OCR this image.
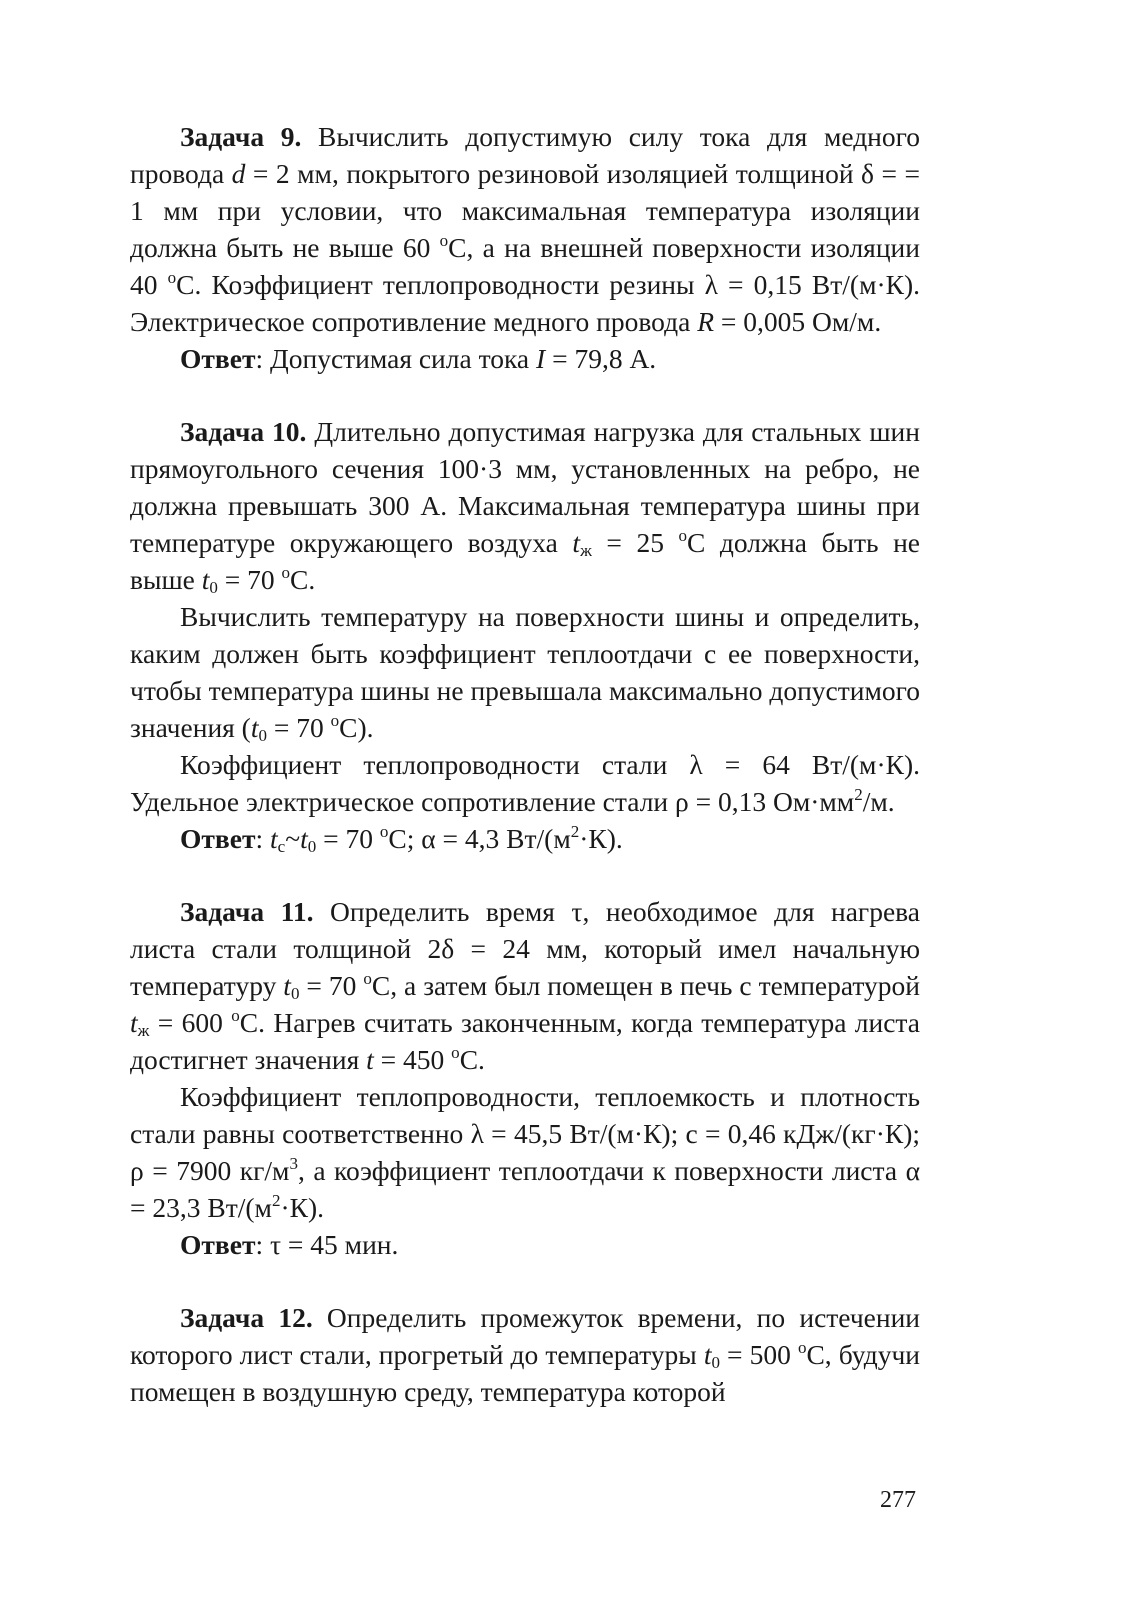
Задача 9. Вычислить допустимую силу тока для медного провода d = 2 мм, покрытого резиновой изоляцией толщиной δ = = 1 мм при условии, что максимальная температура изоляции должна быть не выше 60 $^о$С, а на внешней поверхности изоляции 40 $^о$С. Коэффициент теплопроводности резины λ = 0,15 Вт/(м·К). Электрическое сопротивление медного провода R = 0,005 Ом/м.

Ответ: Допустимая сила тока I = 79,8 А.

Задача 10. Длительно допустимая нагрузка для стальных шин прямоугольного сечения 100·3 мм, установленных на ребро, не должна превышать 300 А. Максимальная температура шины при температуре окружающего воздуха $t_ж = 25$ $^о$С должна быть не выше $t_0 = 70$ $^о$С.

Вычислить температуру на поверхности шины и определить, каким должен быть коэффициент теплоотдачи с ее поверхности, чтобы температура шины не превышала максимально допустимого значения ($t_0 = 70$ $^о$С).

Коэффициент теплопроводности стали λ = 64 Вт/(м·К). Удельное электрическое сопротивление стали ρ = 0,13 $Ом\cdot мм^2/м$.

Ответ: $t_с\sim t_0 = 70$ $^о$С; α = 4,3 $Вт/(м^2\cdot К)$.

Задача 11. Определить время τ, необходимое для нагрева листа стали толщиной 2δ = 24 мм, который имел начальную температуру $t_0 = 70$ $^о$С, а затем был помещен в печь с температурой $t_ж = 600$ $^о$С. Нагрев считать законченным, когда температура листа достигнет значения t = 450 $^о$С.

Коэффициент теплопроводности, теплоемкость и плотность стали равны соответственно λ = 45,5 Вт/(м·К); с = 0,46 кДж/(кг·К); ρ = 7900 $кг/м^3$, а коэффициент теплоотдачи к поверхности листа α = 23,3 $Вт/(м^2\cdot К)$.

Ответ: τ = 45 мин.

Задача 12. Определить промежуток времени, по истечении которого лист стали, прогретый до температуры $t_0 = 500$ $^о$С, будучи помещен в воздушную среду, температура которой

277
